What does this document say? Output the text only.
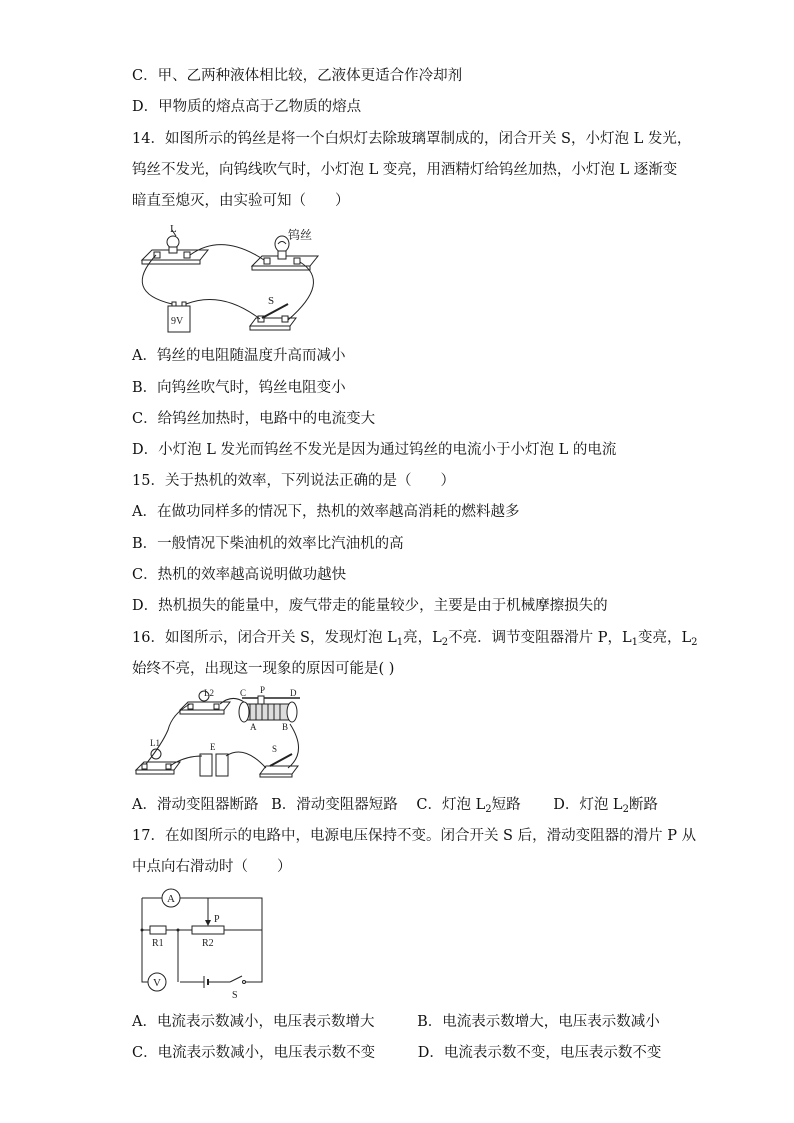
C．甲、乙两种液体相比较，乙液体更适合作冷却剂
D．甲物质的熔点高于乙物质的熔点
14．如图所示的钨丝是将一个白炽灯去除玻璃罩制成的，闭合开关 S，小灯泡 L 发光，
钨丝不发光，向钨线吹气时，小灯泡 L 变亮，用酒精灯给钨丝加热，小灯泡 L 逐渐变
暗直至熄灭，由实验可知（　　）
L	钨丝
9V
S
A．钨丝的电阻随温度升高而减小
B．向钨丝吹气时，钨丝电阻变小
C．给钨丝加热时，电路中的电流变大
D．小灯泡 L 发光而钨丝不发光是因为通过钨丝的电流小于小灯泡 L 的电流
15．关于热机的效率，下列说法正确的是（　　）
A．在做功同样多的情况下，热机的效率越高消耗的燃料越多
B．一般情况下柴油机的效率比汽油机的高
C．热机的效率越高说明做功越快
D．热机损失的能量中，废气带走的能量较少，主要是由于机械摩擦损失的
16．如图所示，闭合开关 S，发现灯泡 $L_1$亮，$L_2$不亮．调节变阻器滑片 P，$L_1$变亮，$L_2$
始终不亮，出现这一现象的原因可能是( )
L2	C P	D
A	B
L1	E	S
A．滑动变阻器断路 B．滑动变阻器短路 C．灯泡 $L_2$短路 D．灯泡 $L_2$断路
17．在如图所示的电路中，电源电压保持不变。闭合开关 S 后，滑动变阻器的滑片 P 从
中点向右滑动时（　　）
A
V
R1	R2
P
S
A．电流表示数减小，电压表示数增大	B．电流表示数增大，电压表示数减小
C．电流表示数减小，电压表示数不变	D．电流表示数不变，电压表示数不变
